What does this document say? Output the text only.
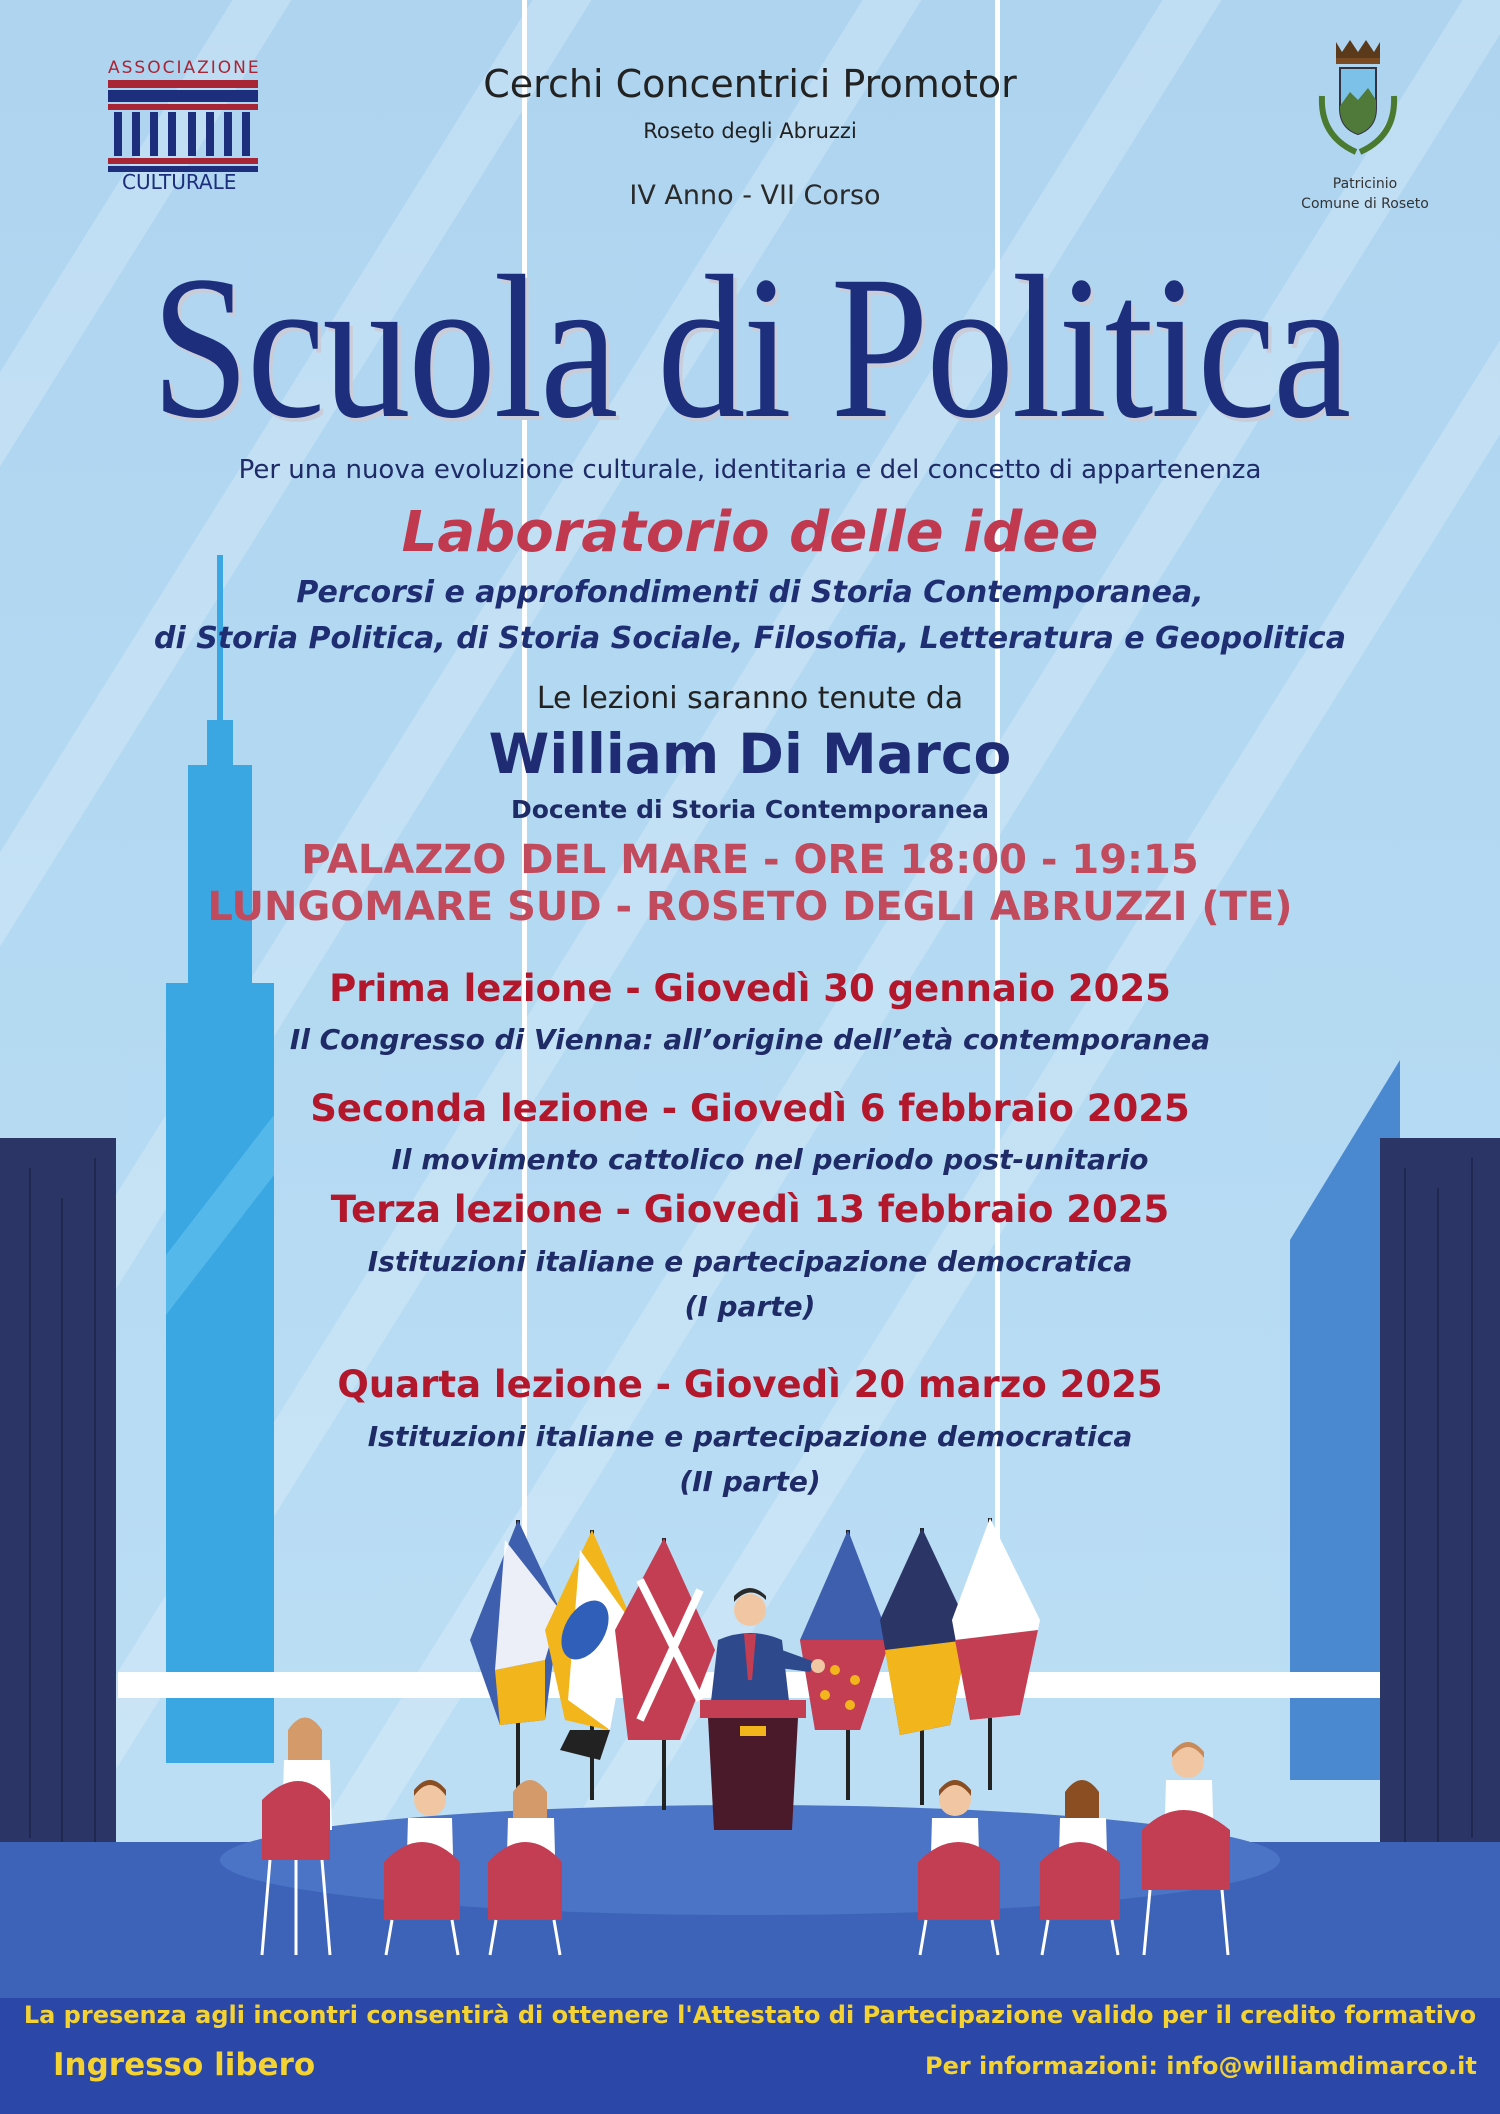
ASSOCIAZIONE
CULTURALE
Cerchi Concentrici Promotor
Roseto degli Abruzzi
IV Anno - VII Corso	Patricinio
Comune di Roseto
Scuola di Politica
Per una nuova evoluzione culturale, identitaria e del concetto di appartenenza
Laboratorio delle idee
Percorsi e approfondimenti di Storia Contemporanea,
di Storia Politica, di Storia Sociale, Filosofia, Letteratura e Geopolitica
Le lezioni saranno tenute da
William Di Marco
Docente di Storia Contemporanea
PALAZZO DEL MARE - ORE 18:00 - 19:15
LUNGOMARE SUD - ROSETO DEGLI ABRUZZI (TE)
Prima lezione - Giovedì 30 gennaio 2025
Il Congresso di Vienna: all’origine dell’età contemporanea
Seconda lezione - Giovedì 6 febbraio 2025
Il movimento cattolico nel periodo post-unitario
Terza lezione - Giovedì 13 febbraio 2025
Istituzioni italiane e partecipazione democratica
(I parte)
Quarta lezione - Giovedì 20 marzo 2025
Istituzioni italiane e partecipazione democratica
(II parte)
La presenza agli incontri consentirà di ottenere l'Attestato di Partecipazione valido per il credito formativo
Ingresso libero	Per informazioni: info@williamdimarco.it
